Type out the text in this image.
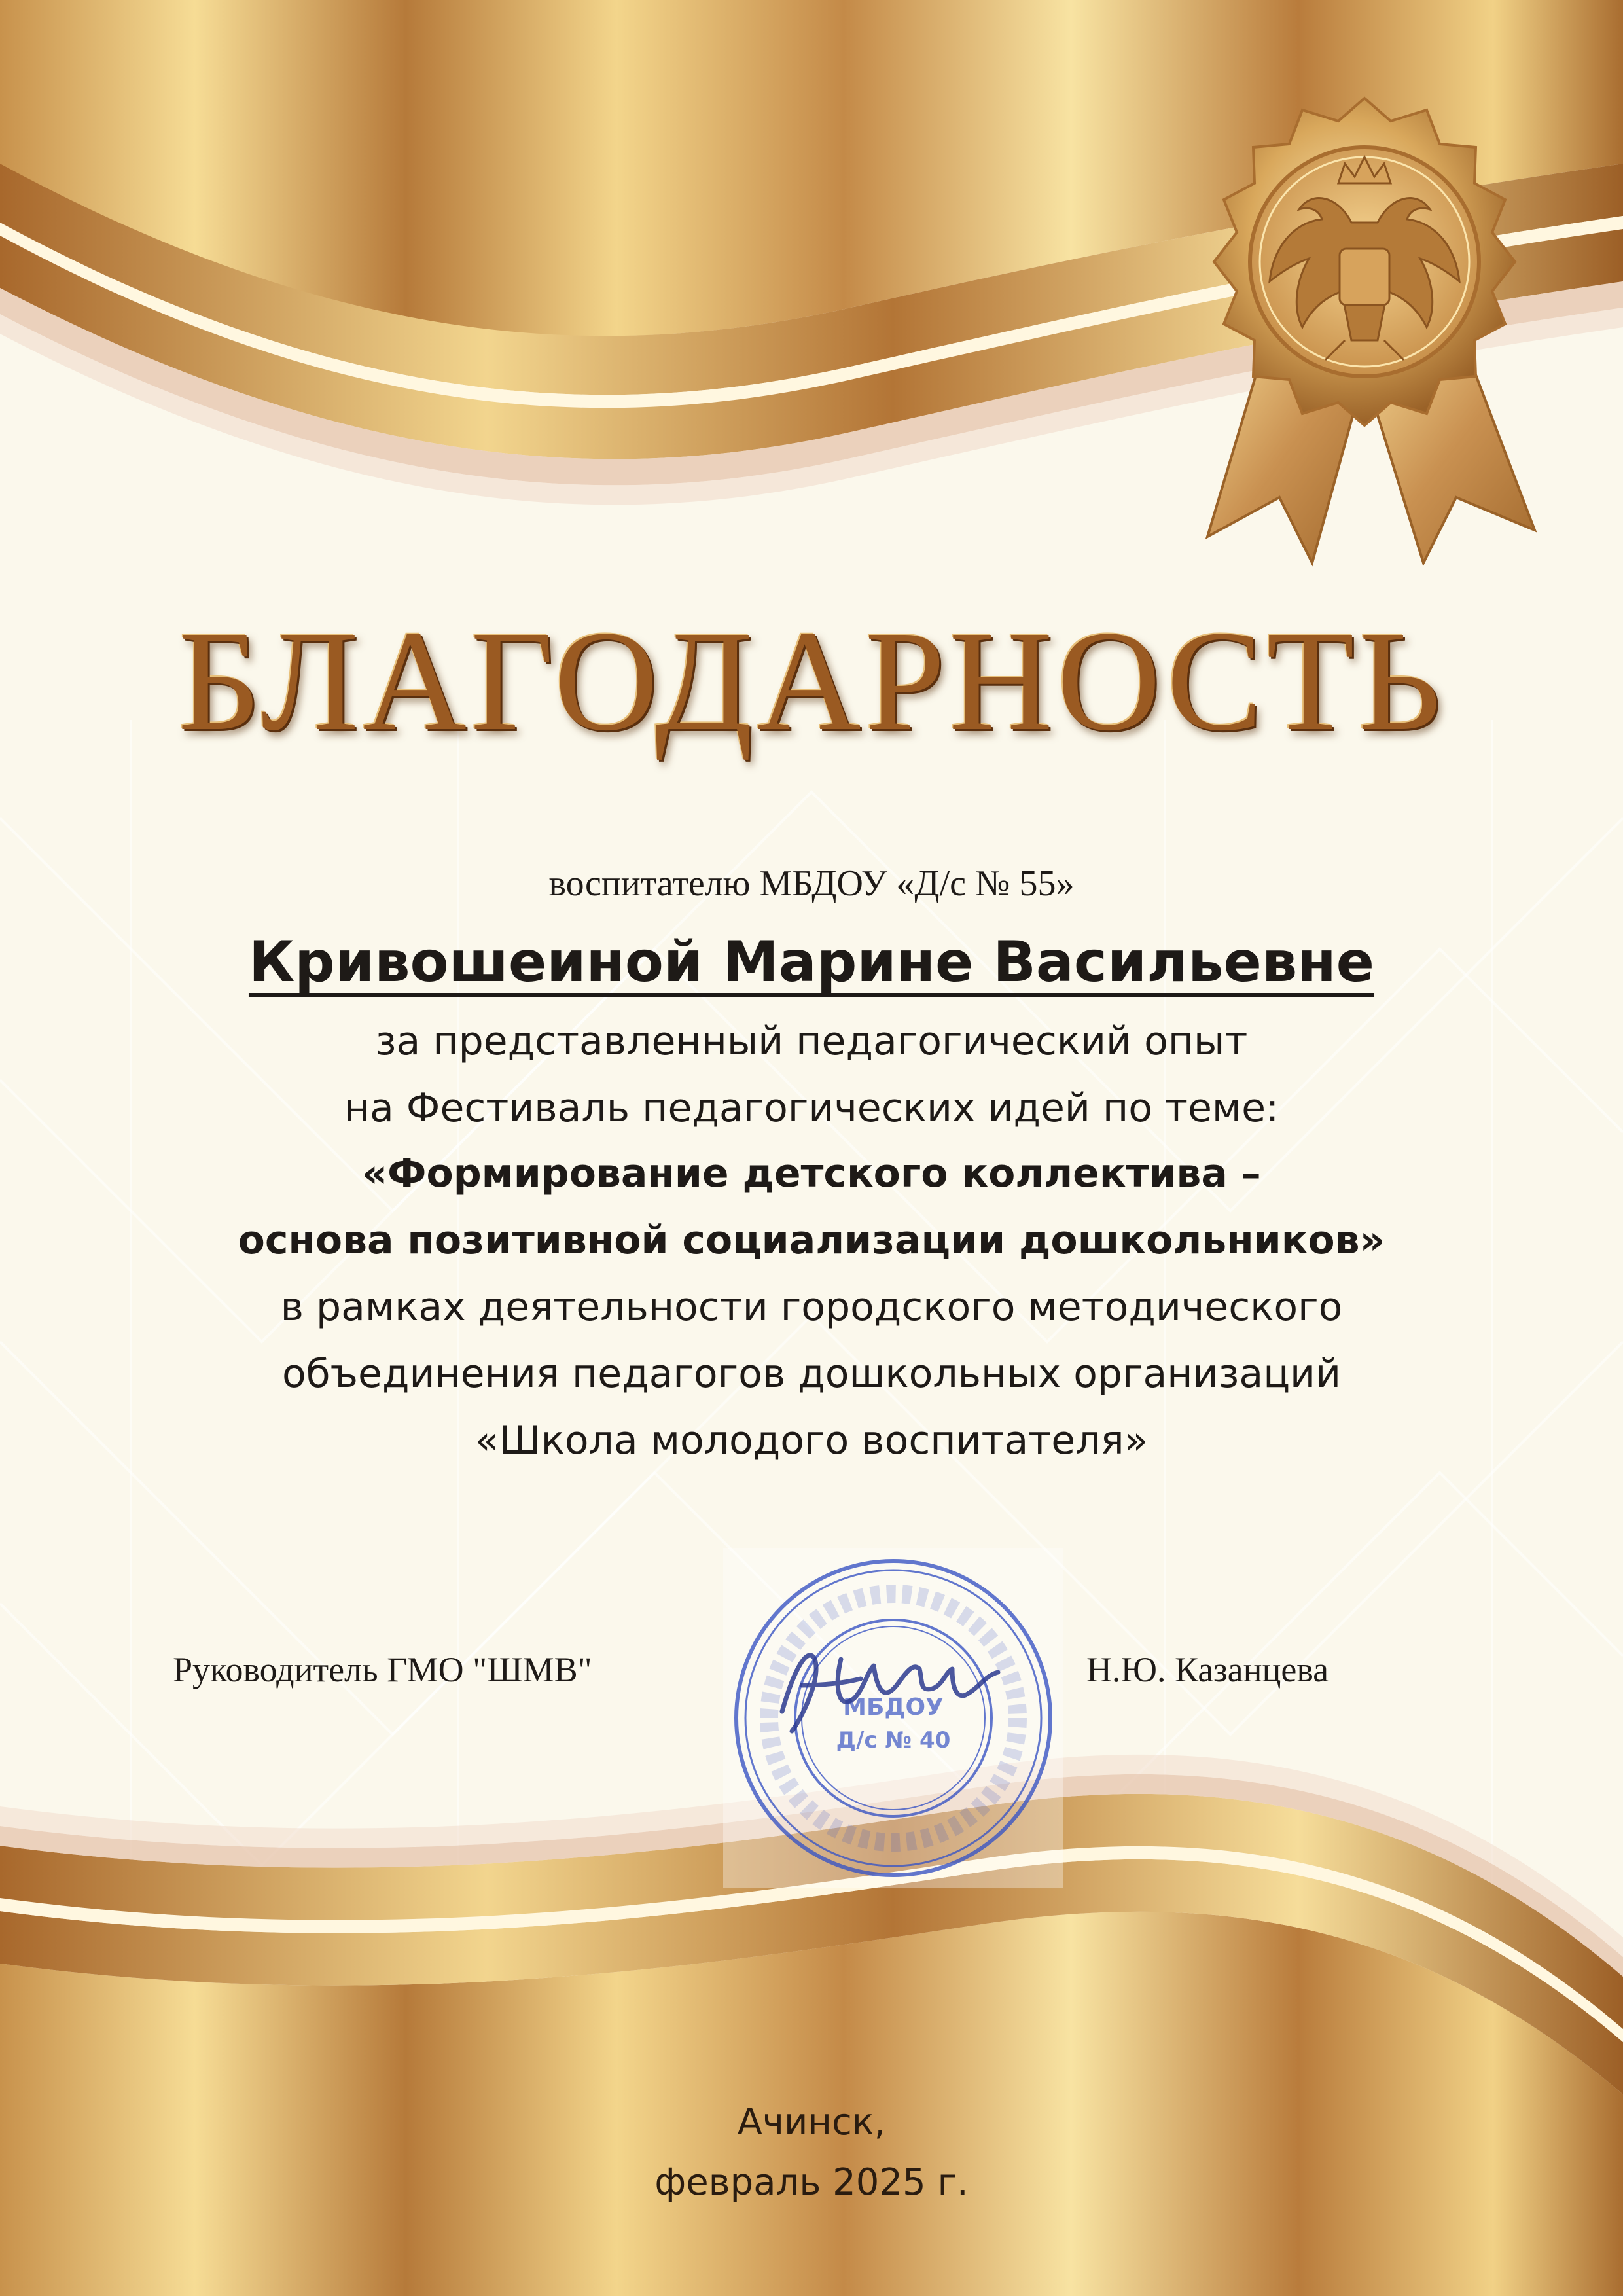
БЛАГОДАРНОСТЬ
воспитателю МБДОУ «Д/с № 55»
Кривошеиной Марине Васильевне
за представленный педагогический опыт
на Фестиваль педагогических идей по теме:
«Формирование детского коллектива –
основа позитивной социализации дошкольников»
в рамках деятельности городского методического
объединения педагогов дошкольных организаций
«Школа молодого воспитателя»
Руководитель ГМО "ШМВ"	Н.Ю. Казанцева
МБДОУ
Д/с № 40
Ачинск,
февраль 2025 г.
